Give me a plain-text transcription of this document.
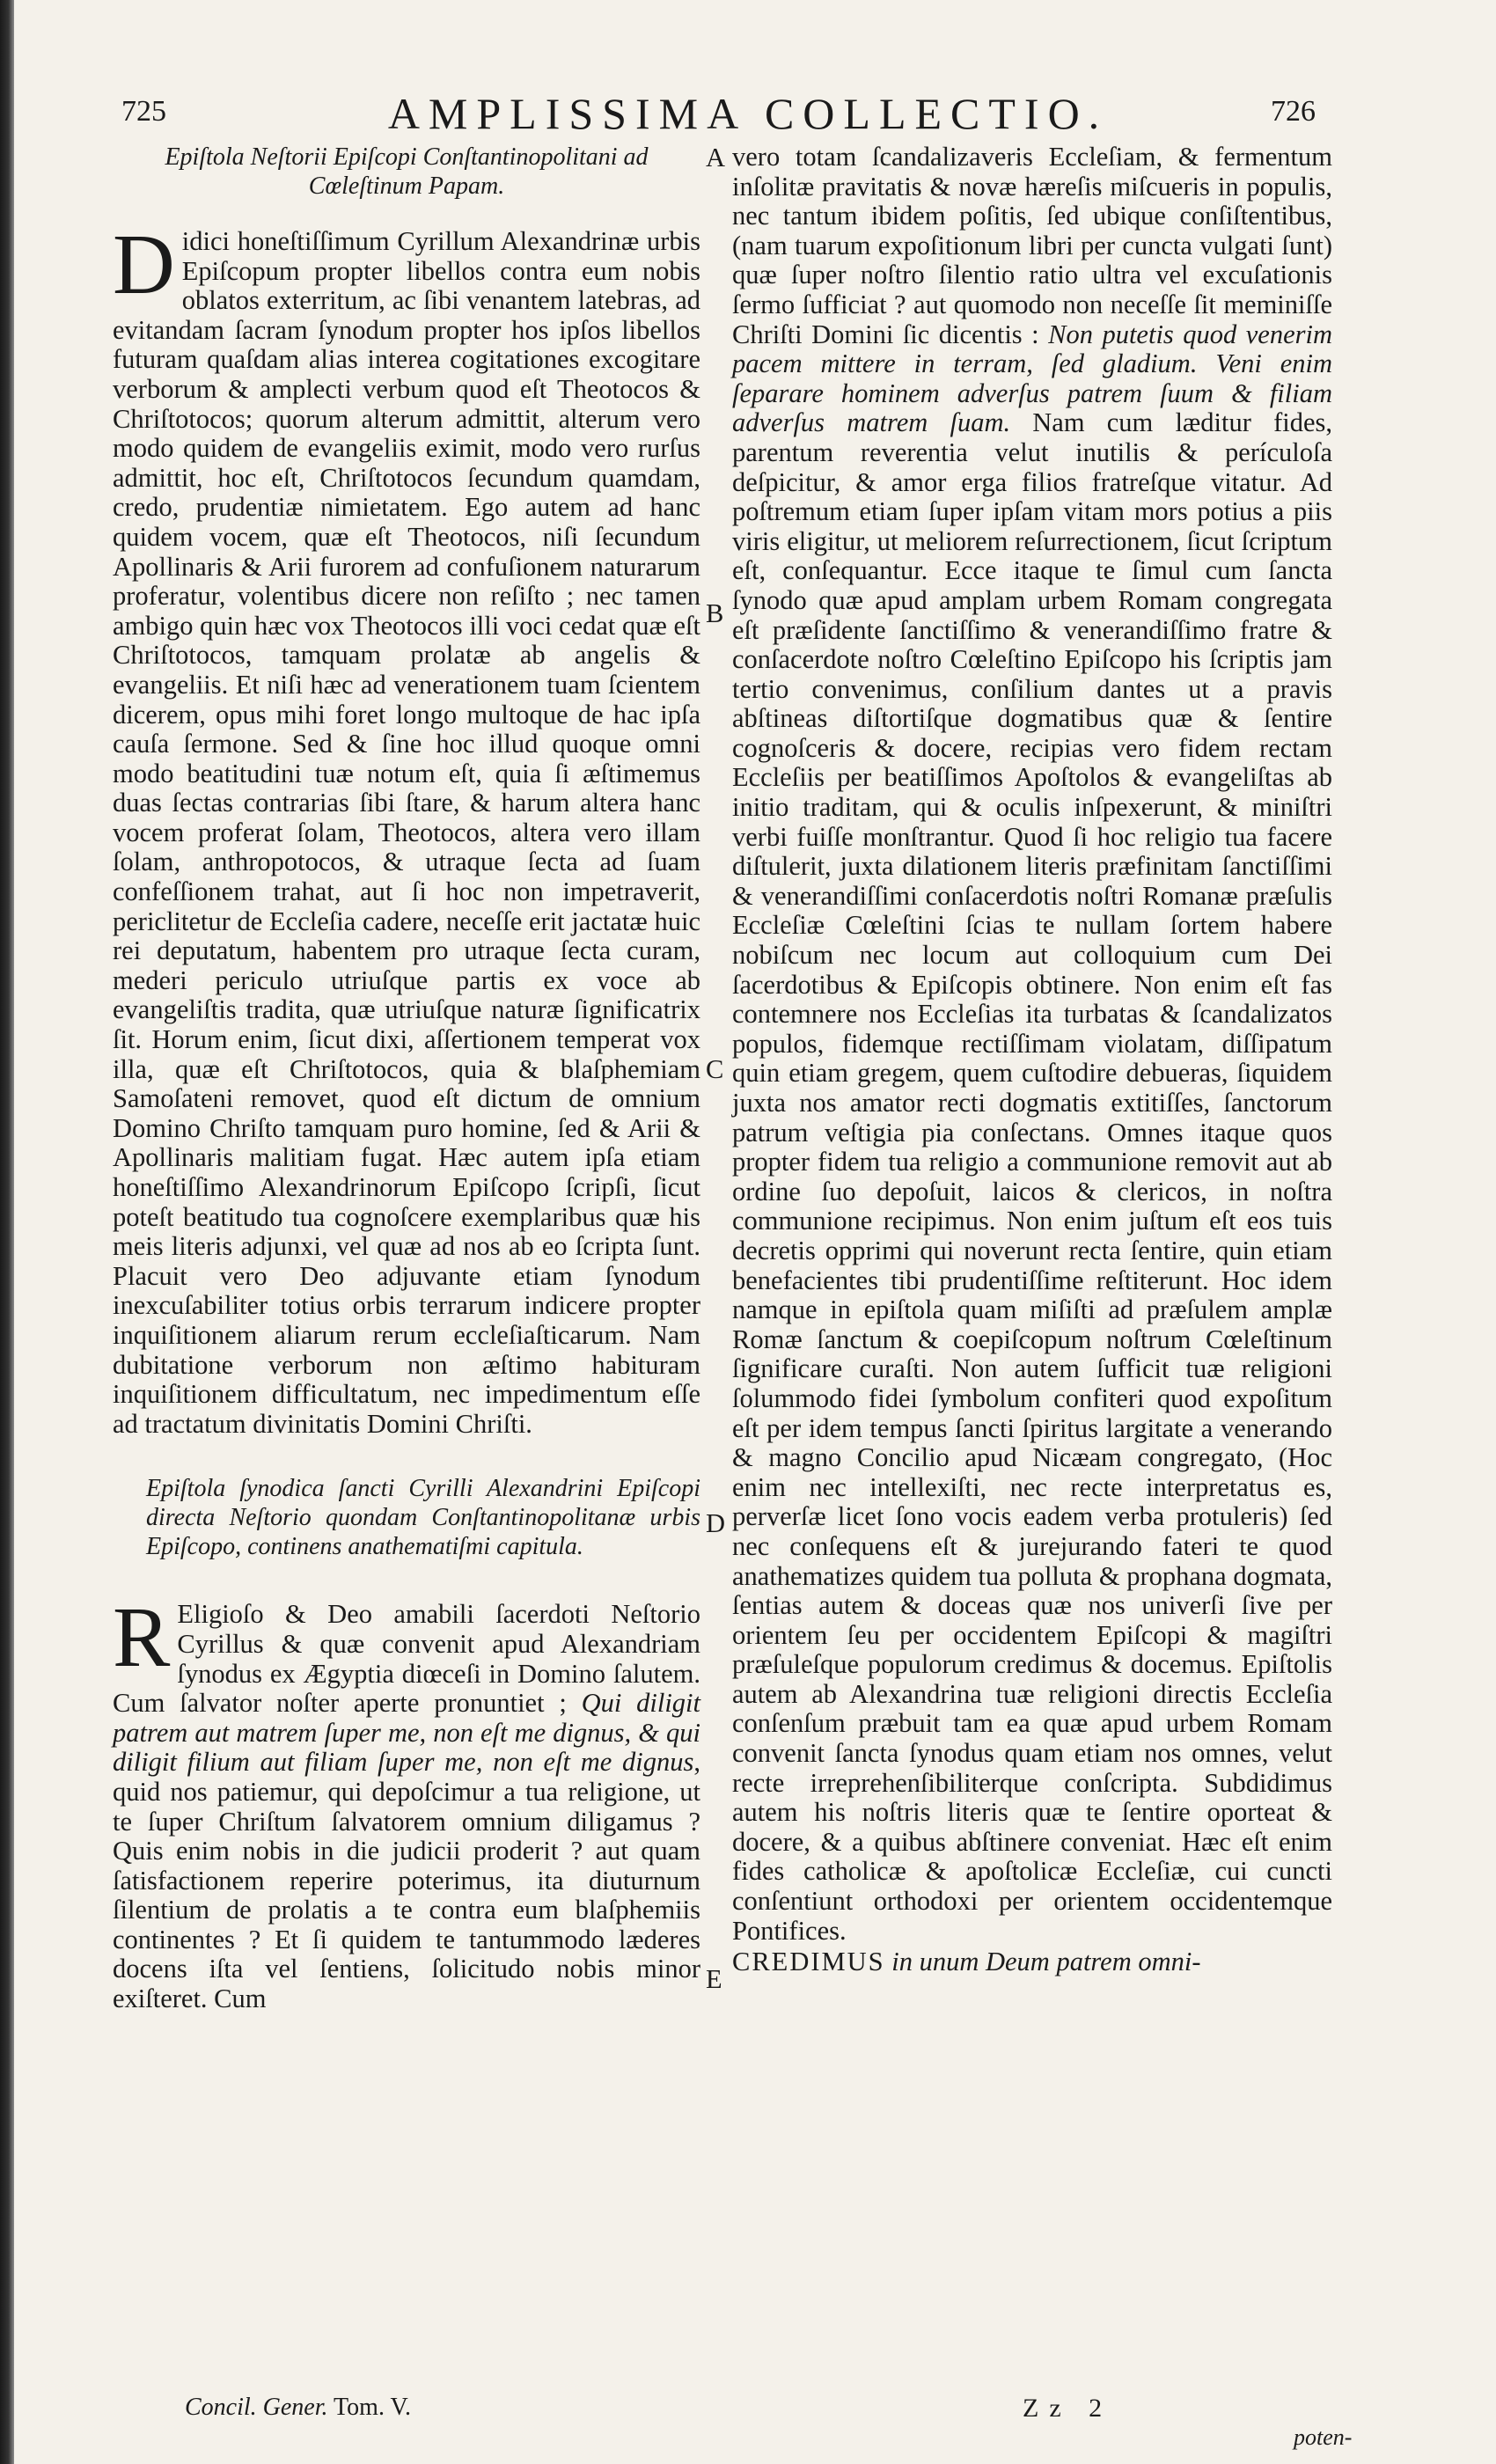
725	AMPLISSIMA COLLECTIO.	726

Epiſtola Neſtorii Epiſcopi Conſtantinopolitani ad Cœleſtinum Papam.

Didici honeſtiſſimum Cyrillum Alexandrinæ urbis Epiſcopum propter libellos contra eum nobis oblatos exterritum, ac ſibi venantem latebras, ad evitandam ſacram ſynodum propter hos ipſos libellos futuram quaſdam alias interea cogitationes excogitare verborum & amplecti verbum quod eſt Theotocos & Chriſtotocos; quorum alterum admittit, alterum vero modo quidem de evangeliis eximit, modo vero rurſus admittit, hoc eſt, Chriſtotocos ſecundum quamdam, credo, prudentiæ nimietatem. Ego autem ad hanc quidem vocem, quæ eſt Theotocos, niſi ſecundum Apollinaris & Arii furorem ad confuſionem naturarum proferatur, volentibus dicere non reſiſto ; nec tamen ambigo quin hæc vox Theotocos illi voci cedat quæ eſt Chriſtotocos, tamquam prolatæ ab angelis & evangeliis. Et niſi hæc ad venerationem tuam ſcientem dicerem, opus mihi foret longo multoque de hac ipſa cauſa ſermone. Sed & ſine hoc illud quoque omni modo beatitudini tuæ notum eſt, quia ſi æſtimemus duas ſectas contrarias ſibi ſtare, & harum altera hanc vocem proferat ſolam, Theotocos, altera vero illam ſolam, anthropotocos, & utraque ſecta ad ſuam confeſſionem trahat, aut ſi hoc non impetraverit, periclitetur de Eccleſia cadere, neceſſe erit jactatæ huic rei deputatum, habentem pro utraque ſecta curam, mederi periculo utriuſque partis ex voce ab evangeliſtis tradita, quæ utriuſque naturæ ſignificatrix ſit. Horum enim, ſicut dixi, aſſertionem temperat vox illa, quæ eſt Chriſtotocos, quia & blaſphemiam Samoſateni removet, quod eſt dictum de omnium Domino Chriſto tamquam puro homine, ſed & Arii & Apollinaris malitiam fugat. Hæc autem ipſa etiam honeſtiſſimo Alexandrinorum Epiſcopo ſcripſi, ſicut poteſt beatitudo tua cognoſcere exemplaribus quæ his meis literis adjunxi, vel quæ ad nos ab eo ſcripta ſunt. Placuit vero Deo adjuvante etiam ſynodum inexcuſabiliter totius orbis terrarum indicere propter inquiſitionem aliarum rerum eccleſiaſticarum. Nam dubitatione verborum non æſtimo habituram inquiſitionem difficultatum, nec impedimentum eſſe ad tractatum divinitatis Domini Chriſti.

Epiſtola ſynodica ſancti Cyrilli Alexandrini Epiſcopi directa Neſtorio quondam Conſtantinopolitanæ urbis Epiſcopo, continens anathematiſmi capitula.

R Eligioſo & Deo amabili ſacerdoti Neſtorio Cyrillus & quæ convenit apud Alexandriam ſynodus ex Ægyptia diœceſi in Domino ſalutem. Cum ſalvator noſter aperte pronuntiet ; Qui diligit patrem aut matrem ſuper me, non eſt me dignus, & qui diligit filium aut filiam ſuper me, non eſt me dignus, quid nos patiemur, qui depoſcimur a tua religione, ut te ſuper Chriſtum ſalvatorem omnium diligamus ? Quis enim nobis in die judicii proderit ? aut quam ſatisfactionem reperire poterimus, ita diuturnum ſilentium de prolatis a te contra eum blaſphemiis continentes ? Et ſi quidem te tantummodo læderes docens iſta vel ſentiens, ſolicitudo nobis minor exiſteret. Cum

A
B
C
D
E

vero totam ſcandalizaveris Eccleſiam, & fermentum inſolitæ pravitatis & novæ hæreſis miſcueris in populis, nec tantum ibidem poſitis, ſed ubique conſiſtentibus, (nam tuarum expoſitionum libri per cuncta vulgati ſunt) quæ ſuper noſtro ſilentio ratio ultra vel excuſationis ſermo ſufficiat ? aut quomodo non neceſſe ſit meminiſſe Chriſti Domini ſic dicentis : Non putetis quod venerim pacem mittere in terram, ſed gladium. Veni enim ſeparare hominem adverſus patrem ſuum & filiam adverſus matrem ſuam. Nam cum læditur fides, parentum reverentia velut inutilis & perículoſa deſpicitur, & amor erga filios fratreſque vitatur. Ad poſtremum etiam ſuper ipſam vitam mors potius a piis viris eligitur, ut meliorem reſurrectionem, ſicut ſcriptum eſt, conſequantur. Ecce itaque te ſimul cum ſancta ſynodo quæ apud amplam urbem Romam congregata eſt præſidente ſanctiſſimo & venerandiſſimo fratre & conſacerdote noſtro Cœleſtino Epiſcopo his ſcriptis jam tertio convenimus, conſilium dantes ut a pravis abſtineas diſtortiſque dogmatibus quæ & ſentire cognoſceris & docere, recipias vero fidem rectam Eccleſiis per beatiſſimos Apoſtolos & evangeliſtas ab initio traditam, qui & oculis inſpexerunt, & miniſtri verbi fuiſſe monſtrantur. Quod ſi hoc religio tua facere diſtulerit, juxta dilationem literis præfinitam ſanctiſſimi & venerandiſſimi conſacerdotis noſtri Romanæ præſulis Eccleſiæ Cœleſtini ſcias te nullam ſortem habere nobiſcum nec locum aut colloquium cum Dei ſacerdotibus & Epiſcopis obtinere. Non enim eſt fas contemnere nos Eccleſias ita turbatas & ſcandalizatos populos, fidemque rectiſſimam violatam, diſſipatum quin etiam gregem, quem cuſtodire debueras, ſiquidem juxta nos amator recti dogmatis extitiſſes, ſanctorum patrum veſtigia pia conſectans. Omnes itaque quos propter fidem tua religio a communione removit aut ab ordine ſuo depoſuit, laicos & clericos, in noſtra communione recipimus. Non enim juſtum eſt eos tuis decretis opprimi qui noverunt recta ſentire, quin etiam benefacientes tibi prudentiſſime reſtiterunt. Hoc idem namque in epiſtola quam miſiſti ad præſulem amplæ Romæ ſanctum & coepiſcopum noſtrum Cœleſtinum ſignificare curaſti. Non autem ſufficit tuæ religioni ſolummodo fidei ſymbolum confiteri quod expoſitum eſt per idem tempus ſancti ſpiritus largitate a venerando & magno Concilio apud Nicæam congregato, (Hoc enim nec intellexiſti, nec recte interpretatus es, perverſæ licet ſono vocis eadem verba protuleris) ſed nec conſequens eſt & jurejurando fateri te quod anathematizes quidem tua polluta & prophana dogmata, ſentias autem & doceas quæ nos univerſi ſive per orientem ſeu per occidentem Epiſcopi & magiſtri præſuleſque populorum credimus & docemus. Epiſtolis autem ab Alexandrina tuæ religioni directis Eccleſia conſenſum præbuit tam ea quæ apud urbem Romam convenit ſancta ſynodus quam etiam nos omnes, velut recte irreprehenſibiliterque conſcripta. Subdidimus autem his noſtris literis quæ te ſentire oporteat & docere, & a quibus abſtinere conveniat. Hæc eſt enim fides catholicæ & apoſtolicæ Eccleſiæ, cui cuncti conſentiunt orthodoxi per orientem occidentemque Pontifices.

CREDIMUS in unum Deum patrem omni-

Concil. Gener. Tom. V.	Zz 2
poten-
